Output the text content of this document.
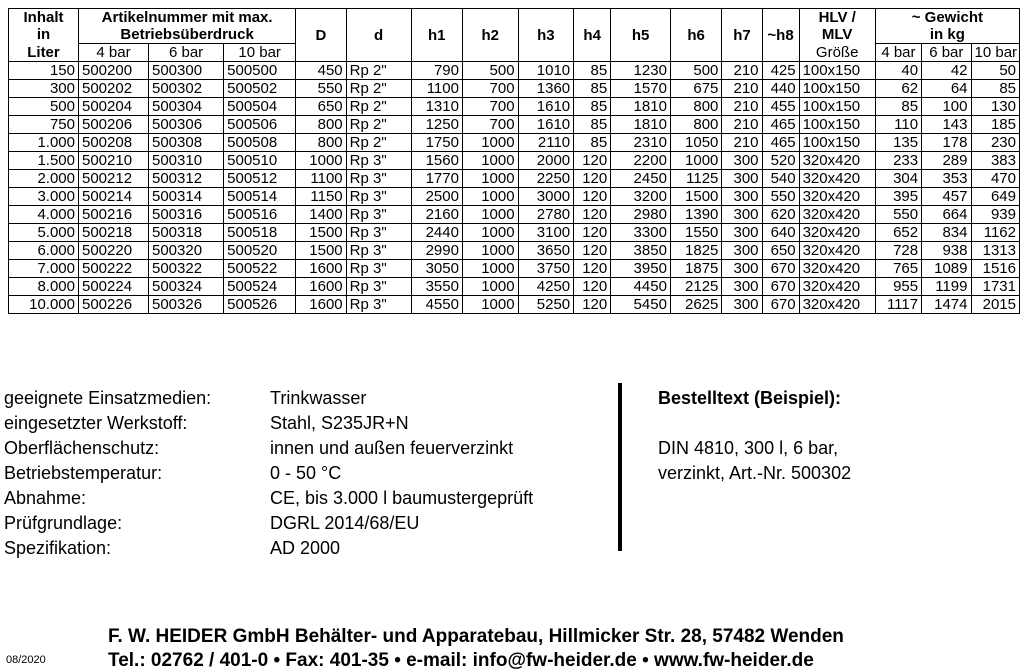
Inhalt	Artikelnummer mit max.			D	d	h1	h2	h3	h4	h5	h6	h7	~h8	HLV /	~ Gewicht		
in	Betriebsüberdruck													MLV	in kg		
Liter	4 bar	6 bar	10 bar											Größe	4 bar	6 bar	10 bar
150	500200	500300	500500	450	Rp 2"	790	500	1010	85	1230	500	210	425	100x150	40	42	50
300	500202	500302	500502	550	Rp 2"	1100	700	1360	85	1570	675	210	440	100x150	62	64	85
500	500204	500304	500504	650	Rp 2"	1310	700	1610	85	1810	800	210	455	100x150	85	100	130
750	500206	500306	500506	800	Rp 2"	1250	700	1610	85	1810	800	210	465	100x150	110	143	185
1.000	500208	500308	500508	800	Rp 2"	1750	1000	2110	85	2310	1050	210	465	100x150	135	178	230
1.500	500210	500310	500510	1000	Rp 3"	1560	1000	2000	120	2200	1000	300	520	320x420	233	289	383
2.000	500212	500312	500512	1100	Rp 3"	1770	1000	2250	120	2450	1125	300	540	320x420	304	353	470
3.000	500214	500314	500514	1150	Rp 3"	2500	1000	3000	120	3200	1500	300	550	320x420	395	457	649
4.000	500216	500316	500516	1400	Rp 3"	2160	1000	2780	120	2980	1390	300	620	320x420	550	664	939
5.000	500218	500318	500518	1500	Rp 3"	2440	1000	3100	120	3300	1550	300	640	320x420	652	834	1162
6.000	500220	500320	500520	1500	Rp 3"	2990	1000	3650	120	3850	1825	300	650	320x420	728	938	1313
7.000	500222	500322	500522	1600	Rp 3"	3050	1000	3750	120	3950	1875	300	670	320x420	765	1089	1516
8.000	500224	500324	500524	1600	Rp 3"	3550	1000	4250	120	4450	2125	300	670	320x420	955	1199	1731
10.000	500226	500326	500526	1600	Rp 3"	4550	1000	5250	120	5450	2625	300	670	320x420	1117	1474	2015
geeignete Einsatzmedien:	Trinkwasser
eingesetzter Werkstoff:	Stahl, S235JR+N
Oberflächenschutz:	innen und außen feuerverzinkt
Betriebstemperatur:	0 - 50 °C
Abnahme:	CE, bis 3.000 l baumustergeprüft
Prüfgrundlage:	DGRL 2014/68/EU
Spezifikation:	AD 2000
Bestelltext (Beispiel):
DIN 4810, 300 l, 6 bar,
verzinkt, Art.-Nr. 500302
F. W. HEIDER GmbH Behälter- und Apparatebau, Hillmicker Str. 28, 57482 Wenden
Tel.: 02762 / 401-0 • Fax: 401-35 • e-mail: info@fw-heider.de • www.fw-heider.de
08/2020
